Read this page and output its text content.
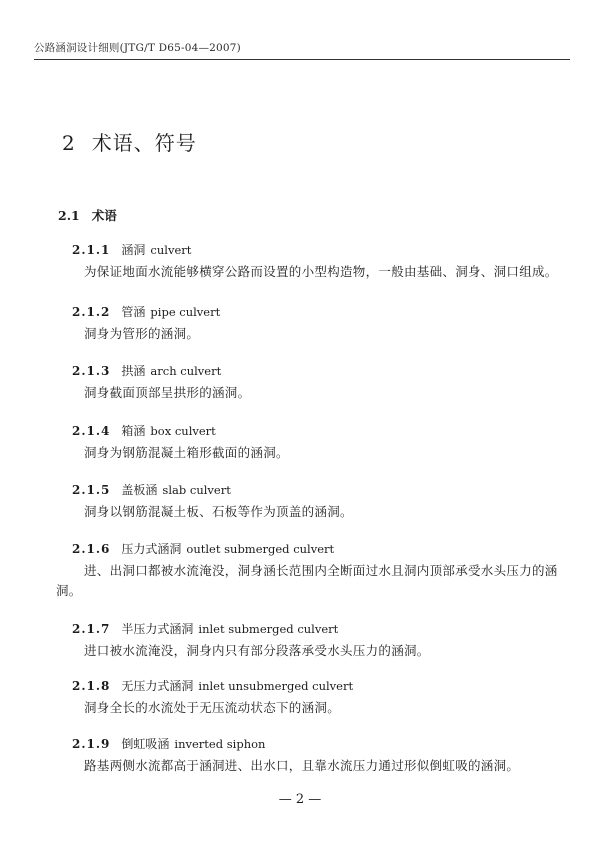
公路涵洞设计细则(JTG/T D65-04—2007)
2 术语、符号
2.1 术语
2.1.1 涵洞 culvert
为保证地面水流能够横穿公路而设置的小型构造物，一般由基础、洞身、洞口组成。
2.1.2 管涵 pipe culvert
洞身为管形的涵洞。
2.1.3 拱涵 arch culvert
洞身截面顶部呈拱形的涵洞。
2.1.4 箱涵 box culvert
洞身为钢筋混凝土箱形截面的涵洞。
2.1.5 盖板涵 slab culvert
洞身以钢筋混凝土板、石板等作为顶盖的涵洞。
2.1.6 压力式涵洞 outlet submerged culvert
进、出洞口都被水流淹没，洞身涵长范围内全断面过水且洞内顶部承受水头压力的涵洞。
2.1.7 半压力式涵洞 inlet submerged culvert
进口被水流淹没，洞身内只有部分段落承受水头压力的涵洞。
2.1.8 无压力式涵洞 inlet unsubmerged culvert
洞身全长的水流处于无压流动状态下的涵洞。
2.1.9 倒虹吸涵 inverted siphon
路基两侧水流都高于涵洞进、出水口，且靠水流压力通过形似倒虹吸的涵洞。
— 2 —
